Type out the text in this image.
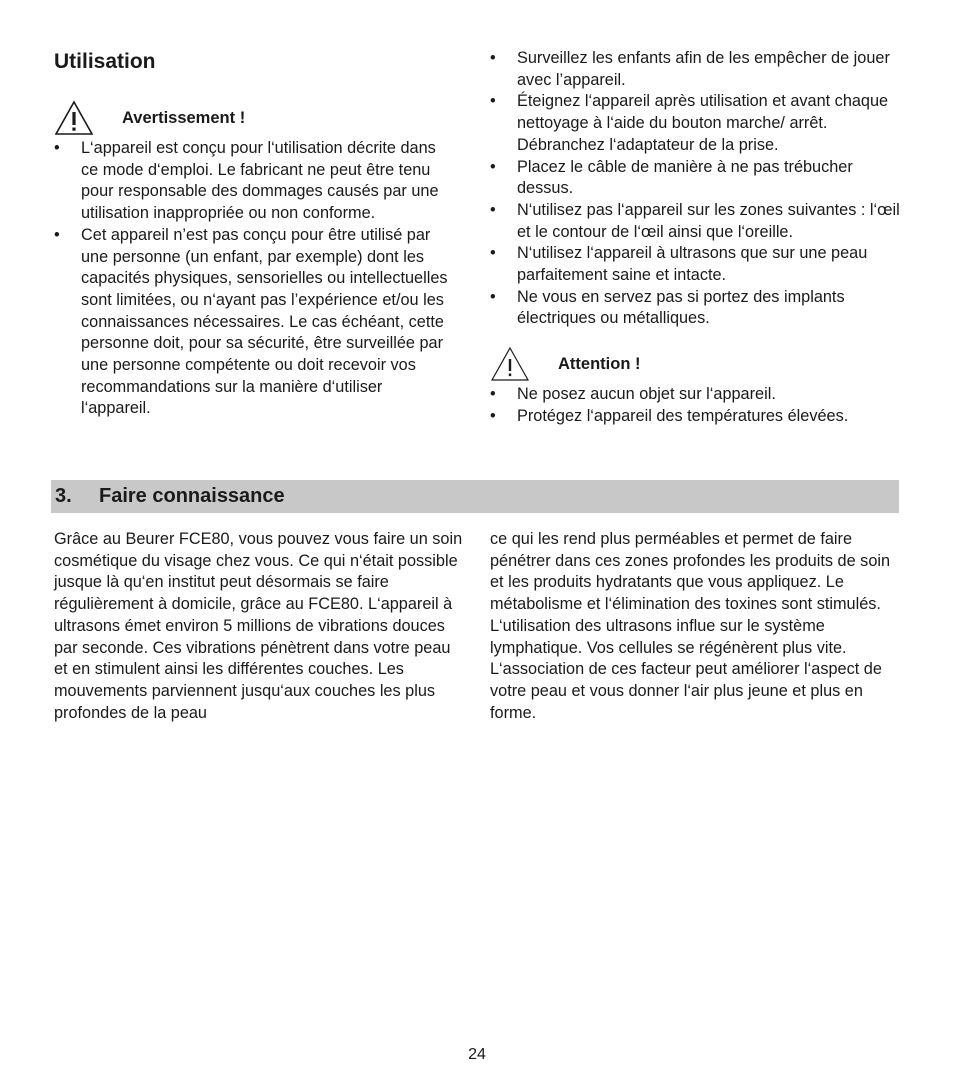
Utilisation
Avertissement !
• L‘appareil est conçu pour l‘utilisation décrite dans ce mode d‘emploi. Le fabricant ne peut être tenu pour responsable des dommages causés par une utilisation inappropriée ou non conforme.
• Cet appareil n’est pas conçu pour être utilisé par une personne (un enfant, par exemple) dont les capacités physiques, sensorielles ou intellectuelles sont limitées, ou n‘ayant pas l’expérience et/ou les connaissances nécessaires. Le cas échéant, cette personne doit, pour sa sécurité, être surveillée par une personne compétente ou doit recevoir vos recommandations sur la manière d‘utiliser l‘appareil.
• Surveillez les enfants afin de les empêcher de jouer avec l’appareil.
• Éteignez l‘appareil après utilisation et avant chaque nettoyage à l‘aide du bouton marche/ arrêt. Débranchez l‘adaptateur de la prise.
• Placez le câble de manière à ne pas trébucher dessus.
• N‘utilisez pas l‘appareil sur les zones suivantes : l‘œil et le contour de l‘œil ainsi que l‘oreille.
• N‘utilisez l‘appareil à ultrasons que sur une peau parfaitement saine et intacte.
• Ne vous en servez pas si portez des implants électriques ou métalliques.
Attention !
• Ne posez aucun objet sur l‘appareil.
• Protégez l‘appareil des températures élevées.
3.	Faire connaissance

Grâce au Beurer FCE80, vous pouvez vous faire un soin cosmétique du visage chez vous. Ce qui n‘était possible jusque là qu‘en institut peut désormais se faire régulièrement à domicile, grâce au FCE80. L‘appareil à ultrasons émet environ 5 millions de vibrations douces par seconde. Ces vibrations pénètrent dans votre peau et en stimulent ainsi les différentes couches. Les mouvements parviennent jusqu‘aux couches les plus profondes de la peau

ce qui les rend plus perméables et permet de faire pénétrer dans ces zones profondes les produits de soin et les produits hydratants que vous appliquez. Le métabolisme et l‘élimination des toxines sont stimulés. L‘utilisation des ultrasons influe sur le système lymphatique. Vos cellules se régénèrent plus vite. L‘association de ces facteur peut améliorer l‘aspect de votre peau et vous donner l‘air plus jeune et plus en forme.

24
